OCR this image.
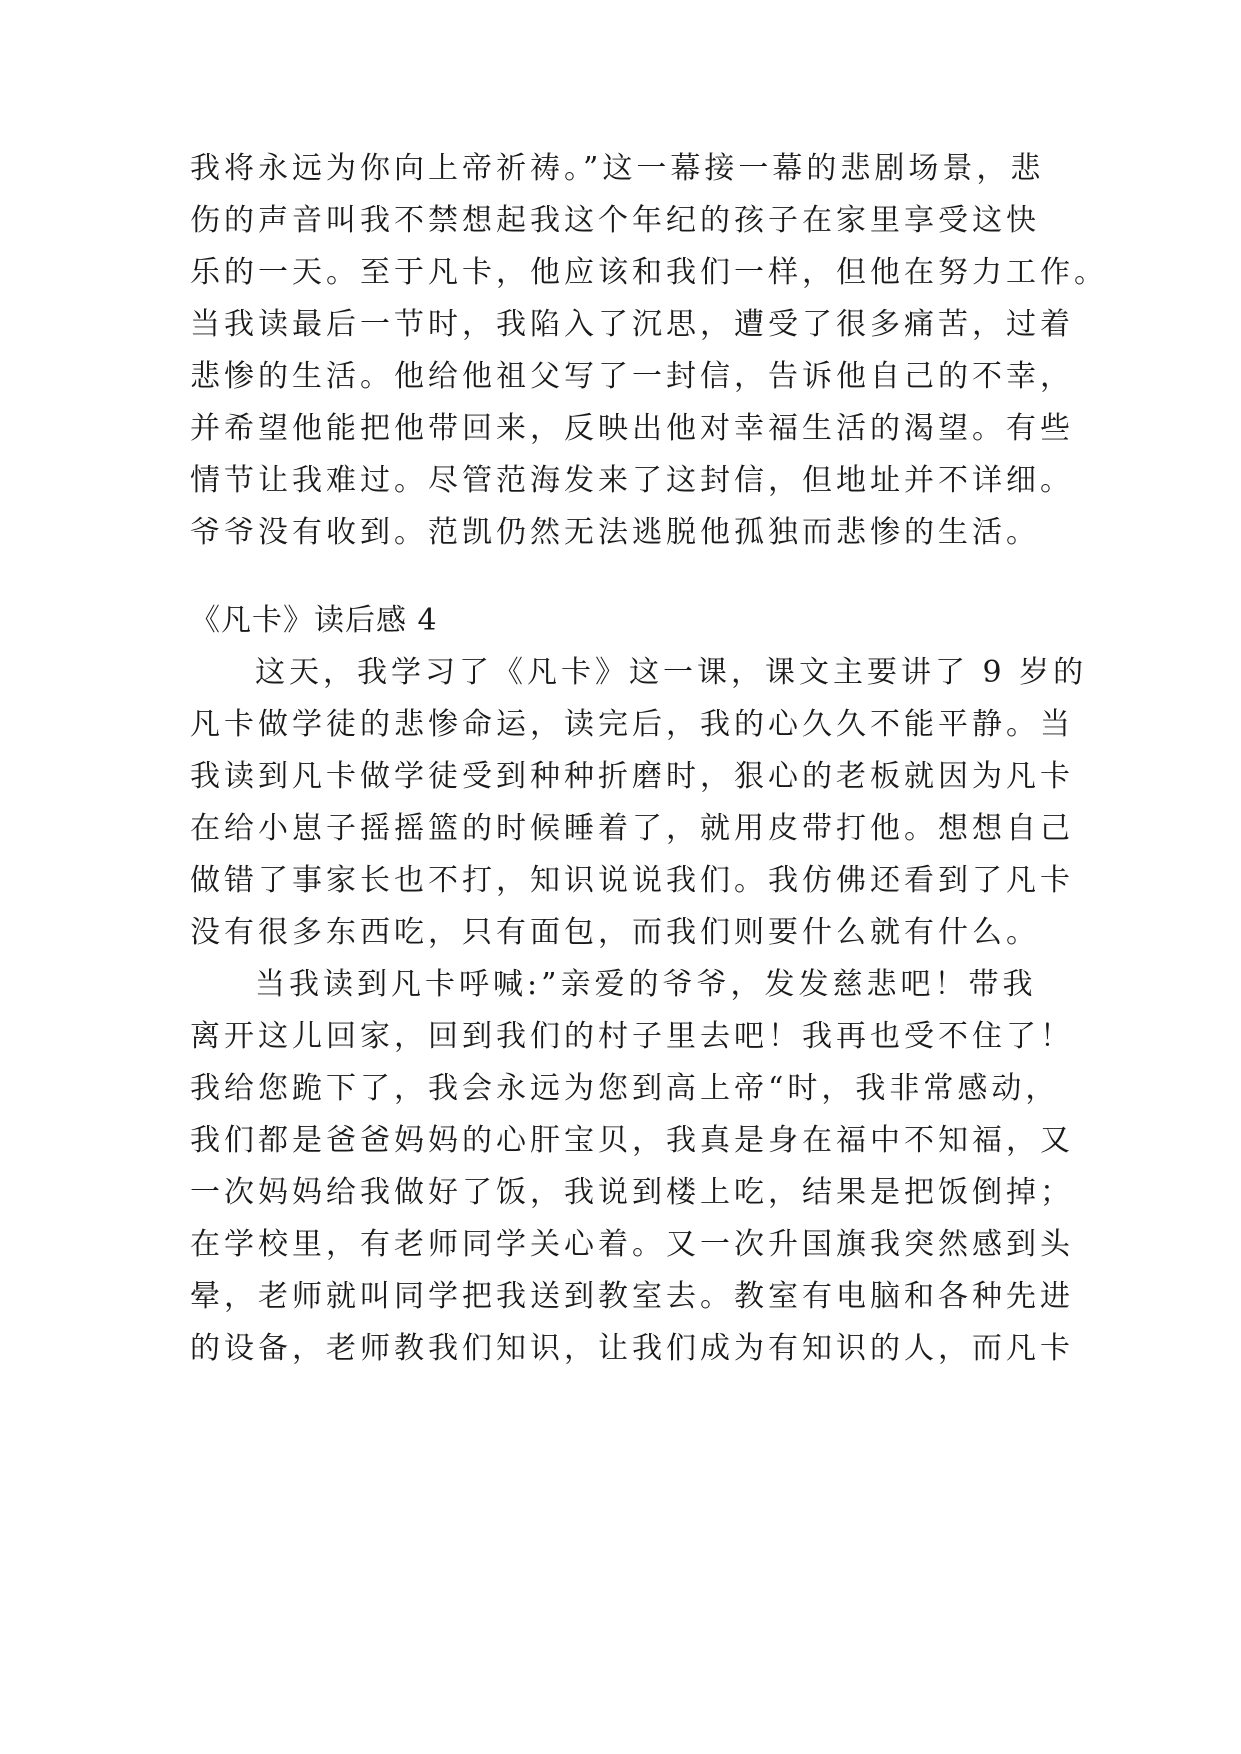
我将永远为你向上帝祈祷。”这一幕接一幕的悲剧场景，悲
伤的声音叫我不禁想起我这个年纪的孩子在家里享受这快
乐的一天。至于凡卡，他应该和我们一样，但他在努力工作。
当我读最后一节时，我陷入了沉思，遭受了很多痛苦，过着
悲惨的生活。他给他祖父写了一封信，告诉他自己的不幸，
并希望他能把他带回来，反映出他对幸福生活的渴望。有些
情节让我难过。尽管范海发来了这封信，但地址并不详细。
爷爷没有收到。范凯仍然无法逃脱他孤独而悲惨的生活。
《凡卡》读后感 4
这天，我学习了《凡卡》这一课，课文主要讲了 9 岁的
凡卡做学徒的悲惨命运，读完后，我的心久久不能平静。当
我读到凡卡做学徒受到种种折磨时，狠心的老板就因为凡卡
在给小崽子摇摇篮的时候睡着了，就用皮带打他。想想自己
做错了事家长也不打，知识说说我们。我仿佛还看到了凡卡
没有很多东西吃，只有面包，而我们则要什么就有什么。
当我读到凡卡呼喊:”亲爱的爷爷，发发慈悲吧！带我
离开这儿回家，回到我们的村子里去吧！我再也受不住了！
我给您跪下了，我会永远为您到高上帝“时，我非常感动，
我们都是爸爸妈妈的心肝宝贝，我真是身在福中不知福，又
一次妈妈给我做好了饭，我说到楼上吃，结果是把饭倒掉；
在学校里，有老师同学关心着。又一次升国旗我突然感到头
晕，老师就叫同学把我送到教室去。教室有电脑和各种先进
的设备，老师教我们知识，让我们成为有知识的人，而凡卡
